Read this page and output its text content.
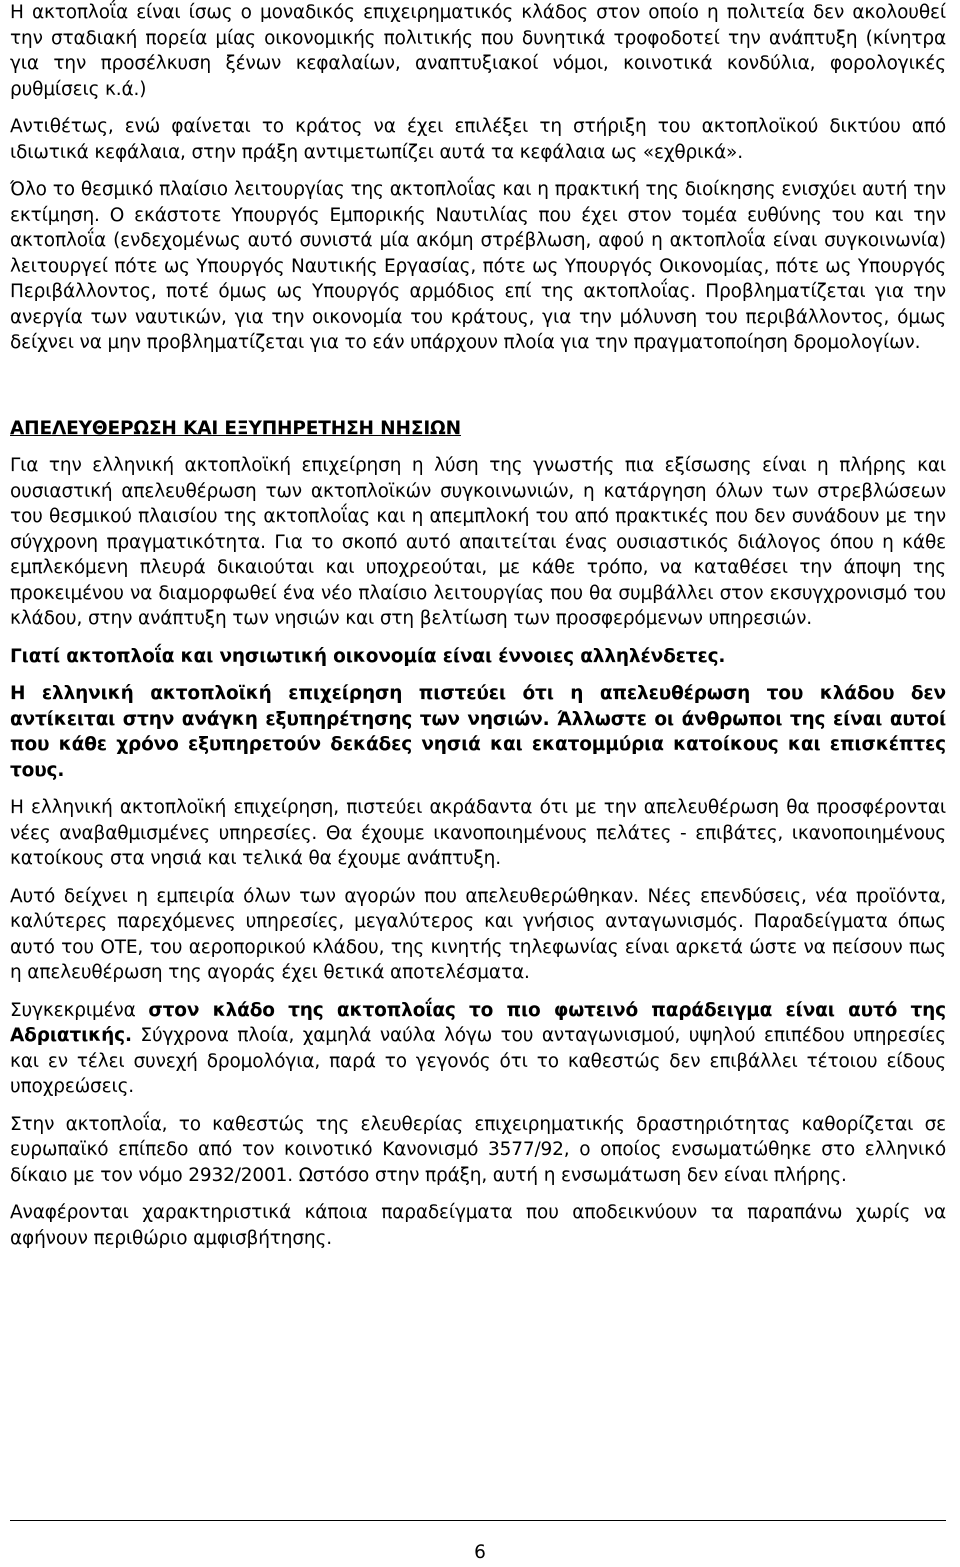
Η ακτοπλοΐα είναι ίσως ο μοναδικός επιχειρηματικός κλάδος στον οποίο η πολιτεία δεν ακολουθεί την σταδιακή πορεία μίας οικονομικής πολιτικής που δυνητικά τροφοδοτεί την ανάπτυξη (κίνητρα για την προσέλκυση ξένων κεφαλαίων, αναπτυξιακοί νόμοι, κοινοτικά κονδύλια, φορολογικές ρυθμίσεις κ.ά.)

Αντιθέτως, ενώ φαίνεται το κράτος να έχει επιλέξει τη στήριξη του ακτοπλοϊκού δικτύου από ιδιωτικά κεφάλαια, στην πράξη αντιμετωπίζει αυτά τα κεφάλαια ως «εχθρικά».

Όλο το θεσμικό πλαίσιο λειτουργίας της ακτοπλοΐας και η πρακτική της διοίκησης ενισχύει αυτή την εκτίμηση. Ο εκάστοτε Υπουργός Εμπορικής Ναυτιλίας που έχει στον τομέα ευθύνης του και την ακτοπλοΐα (ενδεχομένως αυτό συνιστά μία ακόμη στρέβλωση, αφού η ακτοπλοΐα είναι συγκοινωνία) λειτουργεί πότε ως Υπουργός Ναυτικής Εργασίας, πότε ως Υπουργός Οικονομίας, πότε ως Υπουργός Περιβάλλοντος, ποτέ όμως ως Υπουργός αρμόδιος επί της ακτοπλοΐας. Προβληματίζεται για την ανεργία των ναυτικών, για την οικονομία του κράτους, για την μόλυνση του περιβάλλοντος, όμως δείχνει να μην προβληματίζεται για το εάν υπάρχουν πλοία για την πραγματοποίηση δρομολογίων.

ΑΠΕΛΕΥΘΕΡΩΣΗ ΚΑΙ ΕΞΥΠΗΡΕΤΗΣΗ ΝΗΣΙΩΝ

Για την ελληνική ακτοπλοϊκή επιχείρηση η λύση της γνωστής πια εξίσωσης είναι η πλήρης και ουσιαστική απελευθέρωση των ακτοπλοϊκών συγκοινωνιών, η κατάργηση όλων των στρεβλώσεων του θεσμικού πλαισίου της ακτοπλοΐας και η απεμπλοκή του από πρακτικές που δεν συνάδουν με την σύγχρονη πραγματικότητα. Για το σκοπό αυτό απαιτείται ένας ουσιαστικός διάλογος όπου η κάθε εμπλεκόμενη πλευρά δικαιούται και υποχρεούται, με κάθε τρόπο, να καταθέσει την άποψη της προκειμένου να διαμορφωθεί ένα νέο πλαίσιο λειτουργίας που θα συμβάλλει στον εκσυγχρονισμό του κλάδου, στην ανάπτυξη των νησιών και στη βελτίωση των προσφερόμενων υπηρεσιών.

Γιατί ακτοπλοΐα και νησιωτική οικονομία είναι έννοιες αλληλένδετες.

Η ελληνική ακτοπλοϊκή επιχείρηση πιστεύει ότι η απελευθέρωση του κλάδου δεν αντίκειται στην ανάγκη εξυπηρέτησης των νησιών. Άλλωστε οι άνθρωποι της είναι αυτοί που κάθε χρόνο εξυπηρετούν δεκάδες νησιά και εκατομμύρια κατοίκους και επισκέπτες τους.

Η ελληνική ακτοπλοϊκή επιχείρηση, πιστεύει ακράδαντα ότι με την απελευθέρωση θα προσφέρονται νέες αναβαθμισμένες υπηρεσίες. Θα έχουμε ικανοποιημένους πελάτες - επιβάτες, ικανοποιημένους κατοίκους στα νησιά και τελικά θα έχουμε ανάπτυξη.

Αυτό δείχνει η εμπειρία όλων των αγορών που απελευθερώθηκαν. Νέες επενδύσεις, νέα προϊόντα, καλύτερες παρεχόμενες υπηρεσίες, μεγαλύτερος και γνήσιος ανταγωνισμός. Παραδείγματα όπως αυτό του ΟΤΕ, του αεροπορικού κλάδου, της κινητής τηλεφωνίας είναι αρκετά ώστε να πείσουν πως η απελευθέρωση της αγοράς έχει θετικά αποτελέσματα.

Συγκεκριμένα στον κλάδο της ακτοπλοΐας το πιο φωτεινό παράδειγμα είναι αυτό της Αδριατικής. Σύγχρονα πλοία, χαμηλά ναύλα λόγω του ανταγωνισμού, υψηλού επιπέδου υπηρεσίες και εν τέλει συνεχή δρομολόγια, παρά το γεγονός ότι το καθεστώς δεν επιβάλλει τέτοιου είδους υποχρεώσεις.

Στην ακτοπλοΐα, το καθεστώς της ελευθερίας επιχειρηματικής δραστηριότητας καθορίζεται σε ευρωπαϊκό επίπεδο από τον κοινοτικό Κανονισμό 3577/92, ο οποίος ενσωματώθηκε στο ελληνικό δίκαιο με τον νόμο 2932/2001. Ωστόσο στην πράξη, αυτή η ενσωμάτωση δεν είναι πλήρης.

Αναφέρονται χαρακτηριστικά κάποια παραδείγματα που αποδεικνύουν τα παραπάνω χωρίς να αφήνουν περιθώριο αμφισβήτησης.

6
